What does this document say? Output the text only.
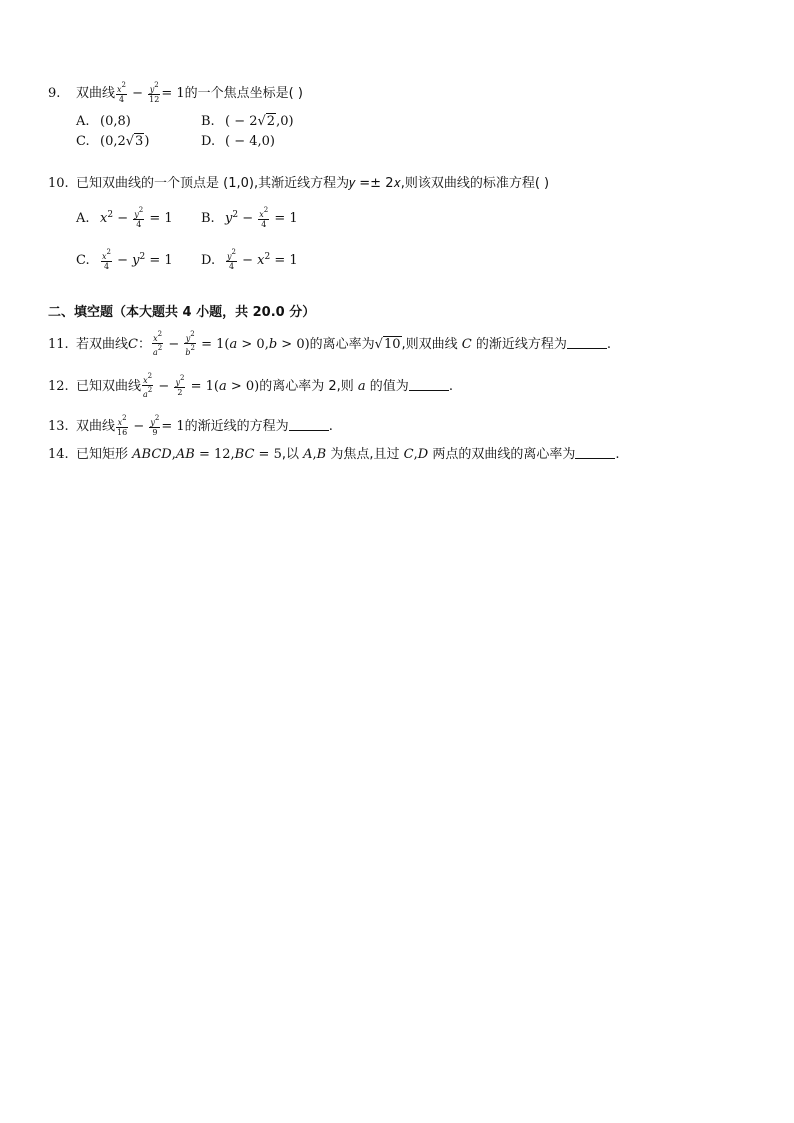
9. 双曲线 $\frac{x^2}{4} - \frac{y^2}{12} = 1$的一个焦点坐标是( )
A. (0,8)	B. ( − 2√2,0)
C. (0,2√3)	D. ( − 4,0)
10. 已知双曲线的一个顶点是 (1,0),其渐近线方程为𝑦 =± 2𝑥,则该双曲线的标准方程( )
A. $x^2 - \frac{y^2}{4} = 1$ B. $y^2 - \frac{x^2}{4} = 1$
C. $\frac{x^2}{4} - y^2 = 1$ D. $\frac{y^2}{4} - x^2 = 1$
二、填空题（本大题共 4 小题，共 20.0 分）
11. 若双曲线C： $\frac{x^2}{a^2} - \frac{y^2}{b^2} = 1(a > 0,b > 0)$的离心率为√10,则双曲线 C 的渐近线方程为	.
12. 已知双曲线 $\frac{x^2}{a^2} - \frac{y^2}{2} = 1(a > 0)$的离心率为 2,则 a 的值为	.
13. 双曲线 $\frac{x^2}{16} - \frac{y^2}{9} = 1$的渐近线的方程为	.
14. 已知矩形 ABCD,AB = 12,BC = 5,以 A,B 为焦点,且过 C,D 两点的双曲线的离心率为	.
